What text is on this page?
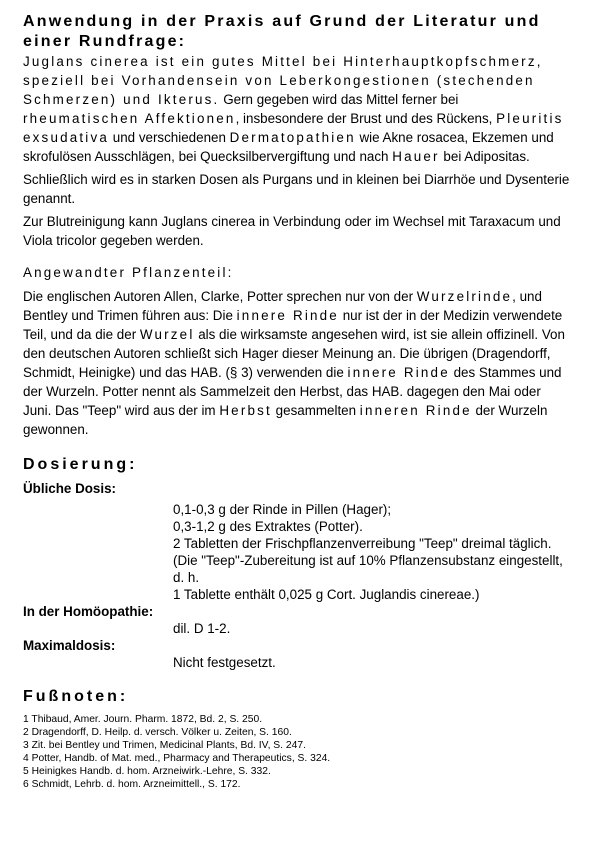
Anwendung in der Praxis auf Grund der Literatur und einer Rundfrage:

Juglans cinerea ist ein gutes Mittel bei Hinterhauptkopfschmerz, speziell bei Vorhandensein von Leberkongestionen (stechenden Schmerzen) und Ikterus. Gern gegeben wird das Mittel ferner bei rheumatischen Affektionen, insbesondere der Brust und des Rückens, Pleuritis exsudativa und verschiedenen Dermatopathien wie Akne rosacea, Ekzemen und skrofulösen Ausschlägen, bei Quecksilbervergiftung und nach Hauer bei Adipositas.

Schließlich wird es in starken Dosen als Purgans und in kleinen bei Diarrhöe und Dysenterie genannt.

Zur Blutreinigung kann Juglans cinerea in Verbindung oder im Wechsel mit Taraxacum und Viola tricolor gegeben werden.

Angewandter Pflanzenteil:

Die englischen Autoren Allen, Clarke, Potter sprechen nur von der Wurzelrinde, und Bentley und Trimen führen aus: Die innere Rinde nur ist der in der Medizin verwendete Teil, und da die der Wurzel als die wirksamste angesehen wird, ist sie allein offizinell. Von den deutschen Autoren schließt sich Hager dieser Meinung an. Die übrigen (Dragendorff, Schmidt, Heinigke) und das HAB. (§ 3) verwenden die innere Rinde des Stammes und der Wurzeln. Potter nennt als Sammelzeit den Herbst, das HAB. dagegen den Mai oder Juni. Das "Teep" wird aus der im Herbst gesammelten inneren Rinde der Wurzeln gewonnen.

Dosierung:
Übliche Dosis:
0,1-0,3 g der Rinde in Pillen (Hager);
0,3-1,2 g des Extraktes (Potter).
2 Tabletten der Frischpflanzenverreibung "Teep" dreimal täglich.
(Die "Teep"-Zubereitung ist auf 10% Pflanzensubstanz eingestellt, d. h.
1 Tablette enthält 0,025 g Cort. Juglandis cinereae.)
In der Homöopathie:
dil. D 1-2.
Maximaldosis:
Nicht festgesetzt.
Fußnoten:

1 Thibaud, Amer. Journ. Pharm. 1872, Bd. 2, S. 250.

2 Dragendorff, D. Heilp. d. versch. Völker u. Zeiten, S. 160.

3 Zit. bei Bentley und Trimen, Medicinal Plants, Bd. IV, S. 247.

4 Potter, Handb. of Mat. med., Pharmacy and Therapeutics, S. 324.

5 Heinigkes Handb. d. hom. Arzneiwirk.-Lehre, S. 332.

6 Schmidt, Lehrb. d. hom. Arzneimittell., S. 172.
